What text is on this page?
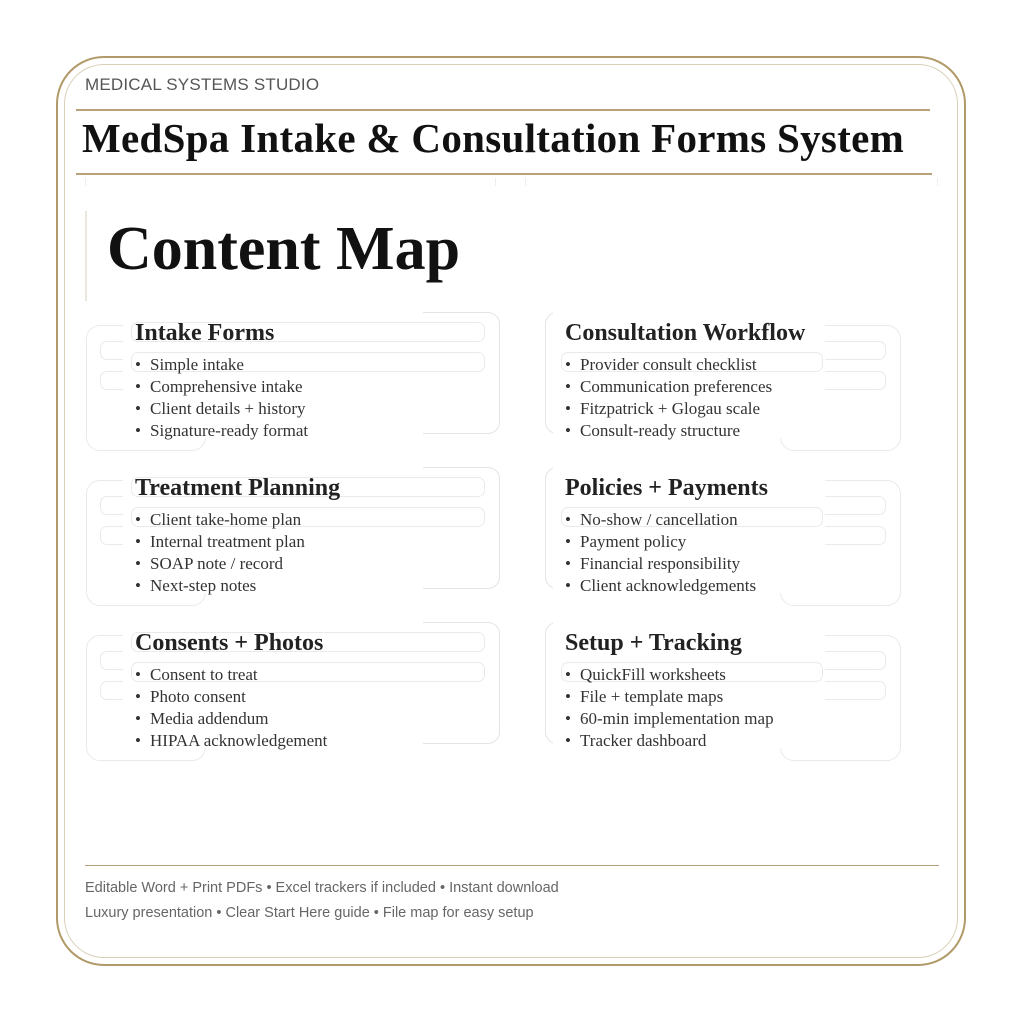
MEDICAL SYSTEMS STUDIO
MedSpa Intake & Consultation Forms System
Content Map
Intake Forms
• Simple intake
• Comprehensive intake
• Client details + history
• Signature-ready format
Consultation Workflow
• Provider consult checklist
• Communication preferences
• Fitzpatrick + Glogau scale
• Consult-ready structure
Treatment Planning
• Client take-home plan
• Internal treatment plan
• SOAP note / record
• Next-step notes
Policies + Payments
• No-show / cancellation
• Payment policy
• Financial responsibility
• Client acknowledgements
Consents + Photos
• Consent to treat
• Photo consent
• Media addendum
• HIPAA acknowledgement
Setup + Tracking
• QuickFill worksheets
• File + template maps
• 60-min implementation map
• Tracker dashboard
Editable Word + Print PDFs • Excel trackers if included • Instant download
Luxury presentation • Clear Start Here guide • File map for easy setup
